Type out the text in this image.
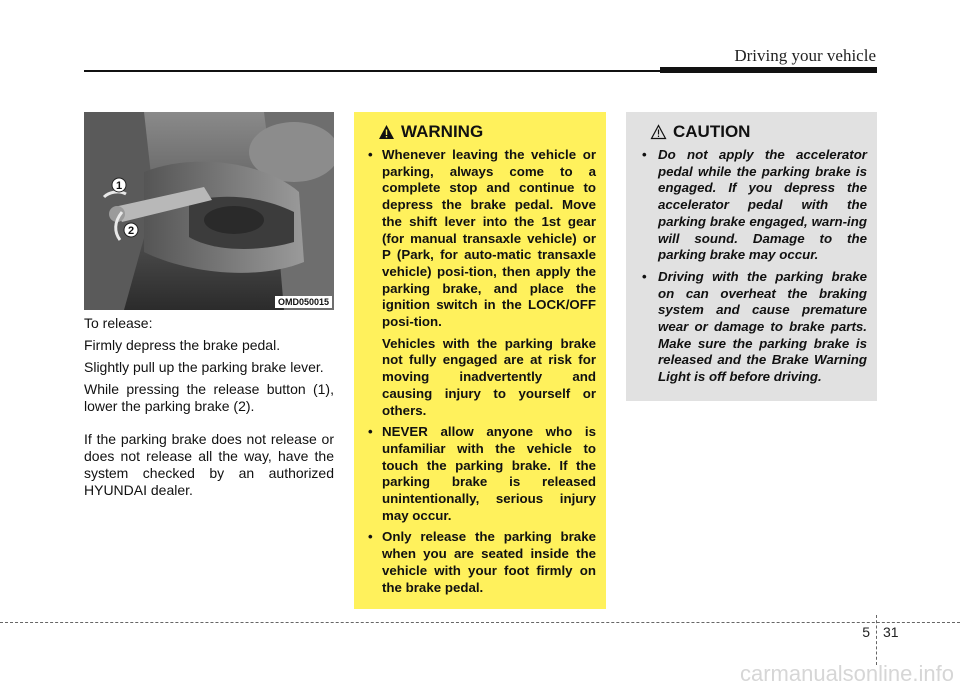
Driving your vehicle
1
2
OMD050015

To release:

Firmly depress the brake pedal.

Slightly pull up the parking brake lever.

While pressing the release button (1), lower the parking brake (2).

If the parking brake does not release or does not release all the way, have the system checked by an authorized HYUNDAI dealer.

WARNING
• Whenever leaving the vehicle or parking, always come to a complete stop and continue to depress the brake pedal. Move the shift lever into the 1st gear (for manual transaxle vehicle) or P (Park, for auto-matic transaxle vehicle) posi-tion, then apply the parking brake, and place the ignition switch in the LOCK/OFF posi-tion.
Vehicles with the parking brake not fully engaged are at risk for moving inadvertently and causing injury to yourself or others.
• NEVER allow anyone who is unfamiliar with the vehicle to touch the parking brake. If the parking brake is released unintentionally, serious injury may occur.
• Only release the parking brake when you are seated inside the vehicle with your foot firmly on the brake pedal.
CAUTION
• Do not apply the accelerator pedal while the parking brake is engaged. If you depress the accelerator pedal with the parking brake engaged, warn-ing will sound. Damage to the parking brake may occur.
• Driving with the parking brake on can overheat the braking system and cause premature wear or damage to brake parts. Make sure the parking brake is released and the Brake Warning Light is off before driving.
5 31
carmanualsonline.info
